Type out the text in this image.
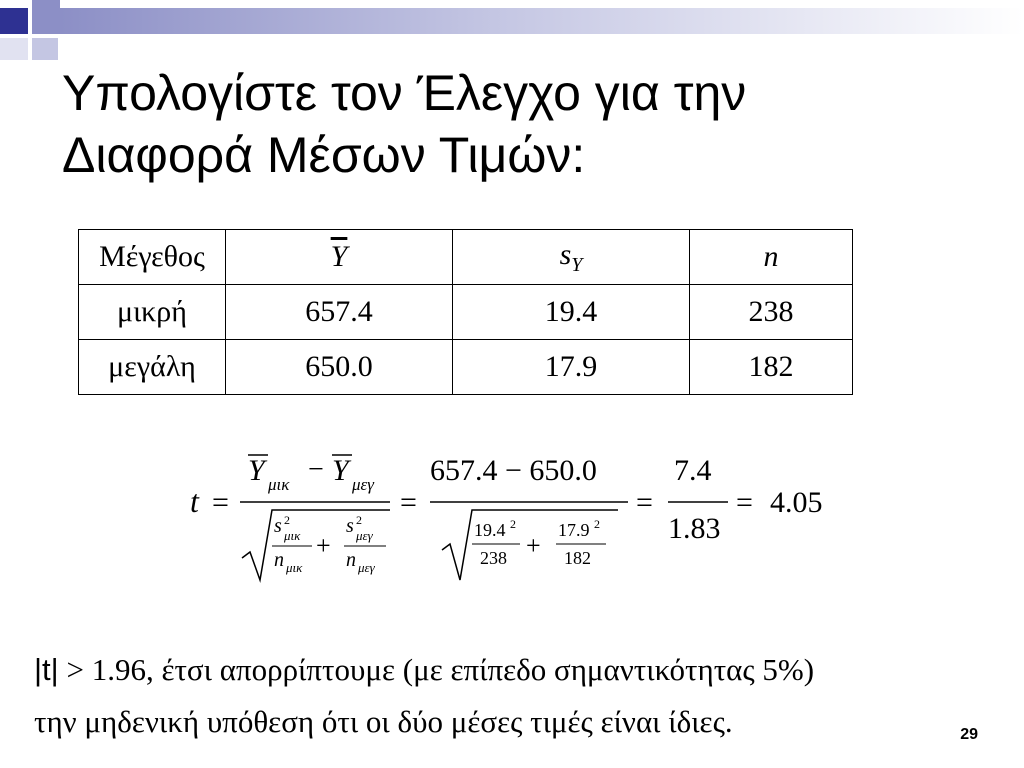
Υπολογίστε τον Έλεγχο για την
Διαφορά Μέσων Τιμών:
Μέγεθος	$\overline{Y}$	$s_Y$	n
μικρή	657.4	19.4	238
μεγάλη	650.0	17.9	182
t =
Y μικ − Y μεγ
s 2
μικ
n μικ
+
s 2
μεγ
n μεγ
=
657.4 − 650.0
19.4 2
238 +
17.9 2
182
=
7.4
1.83
= 4.05
|t| > 1.96, έτσι απορρίπτουμε (με επίπεδο σημαντικότητας 5%)
την μηδενική υπόθεση ότι οι δύο μέσες τιμές είναι ίδιες.	29
